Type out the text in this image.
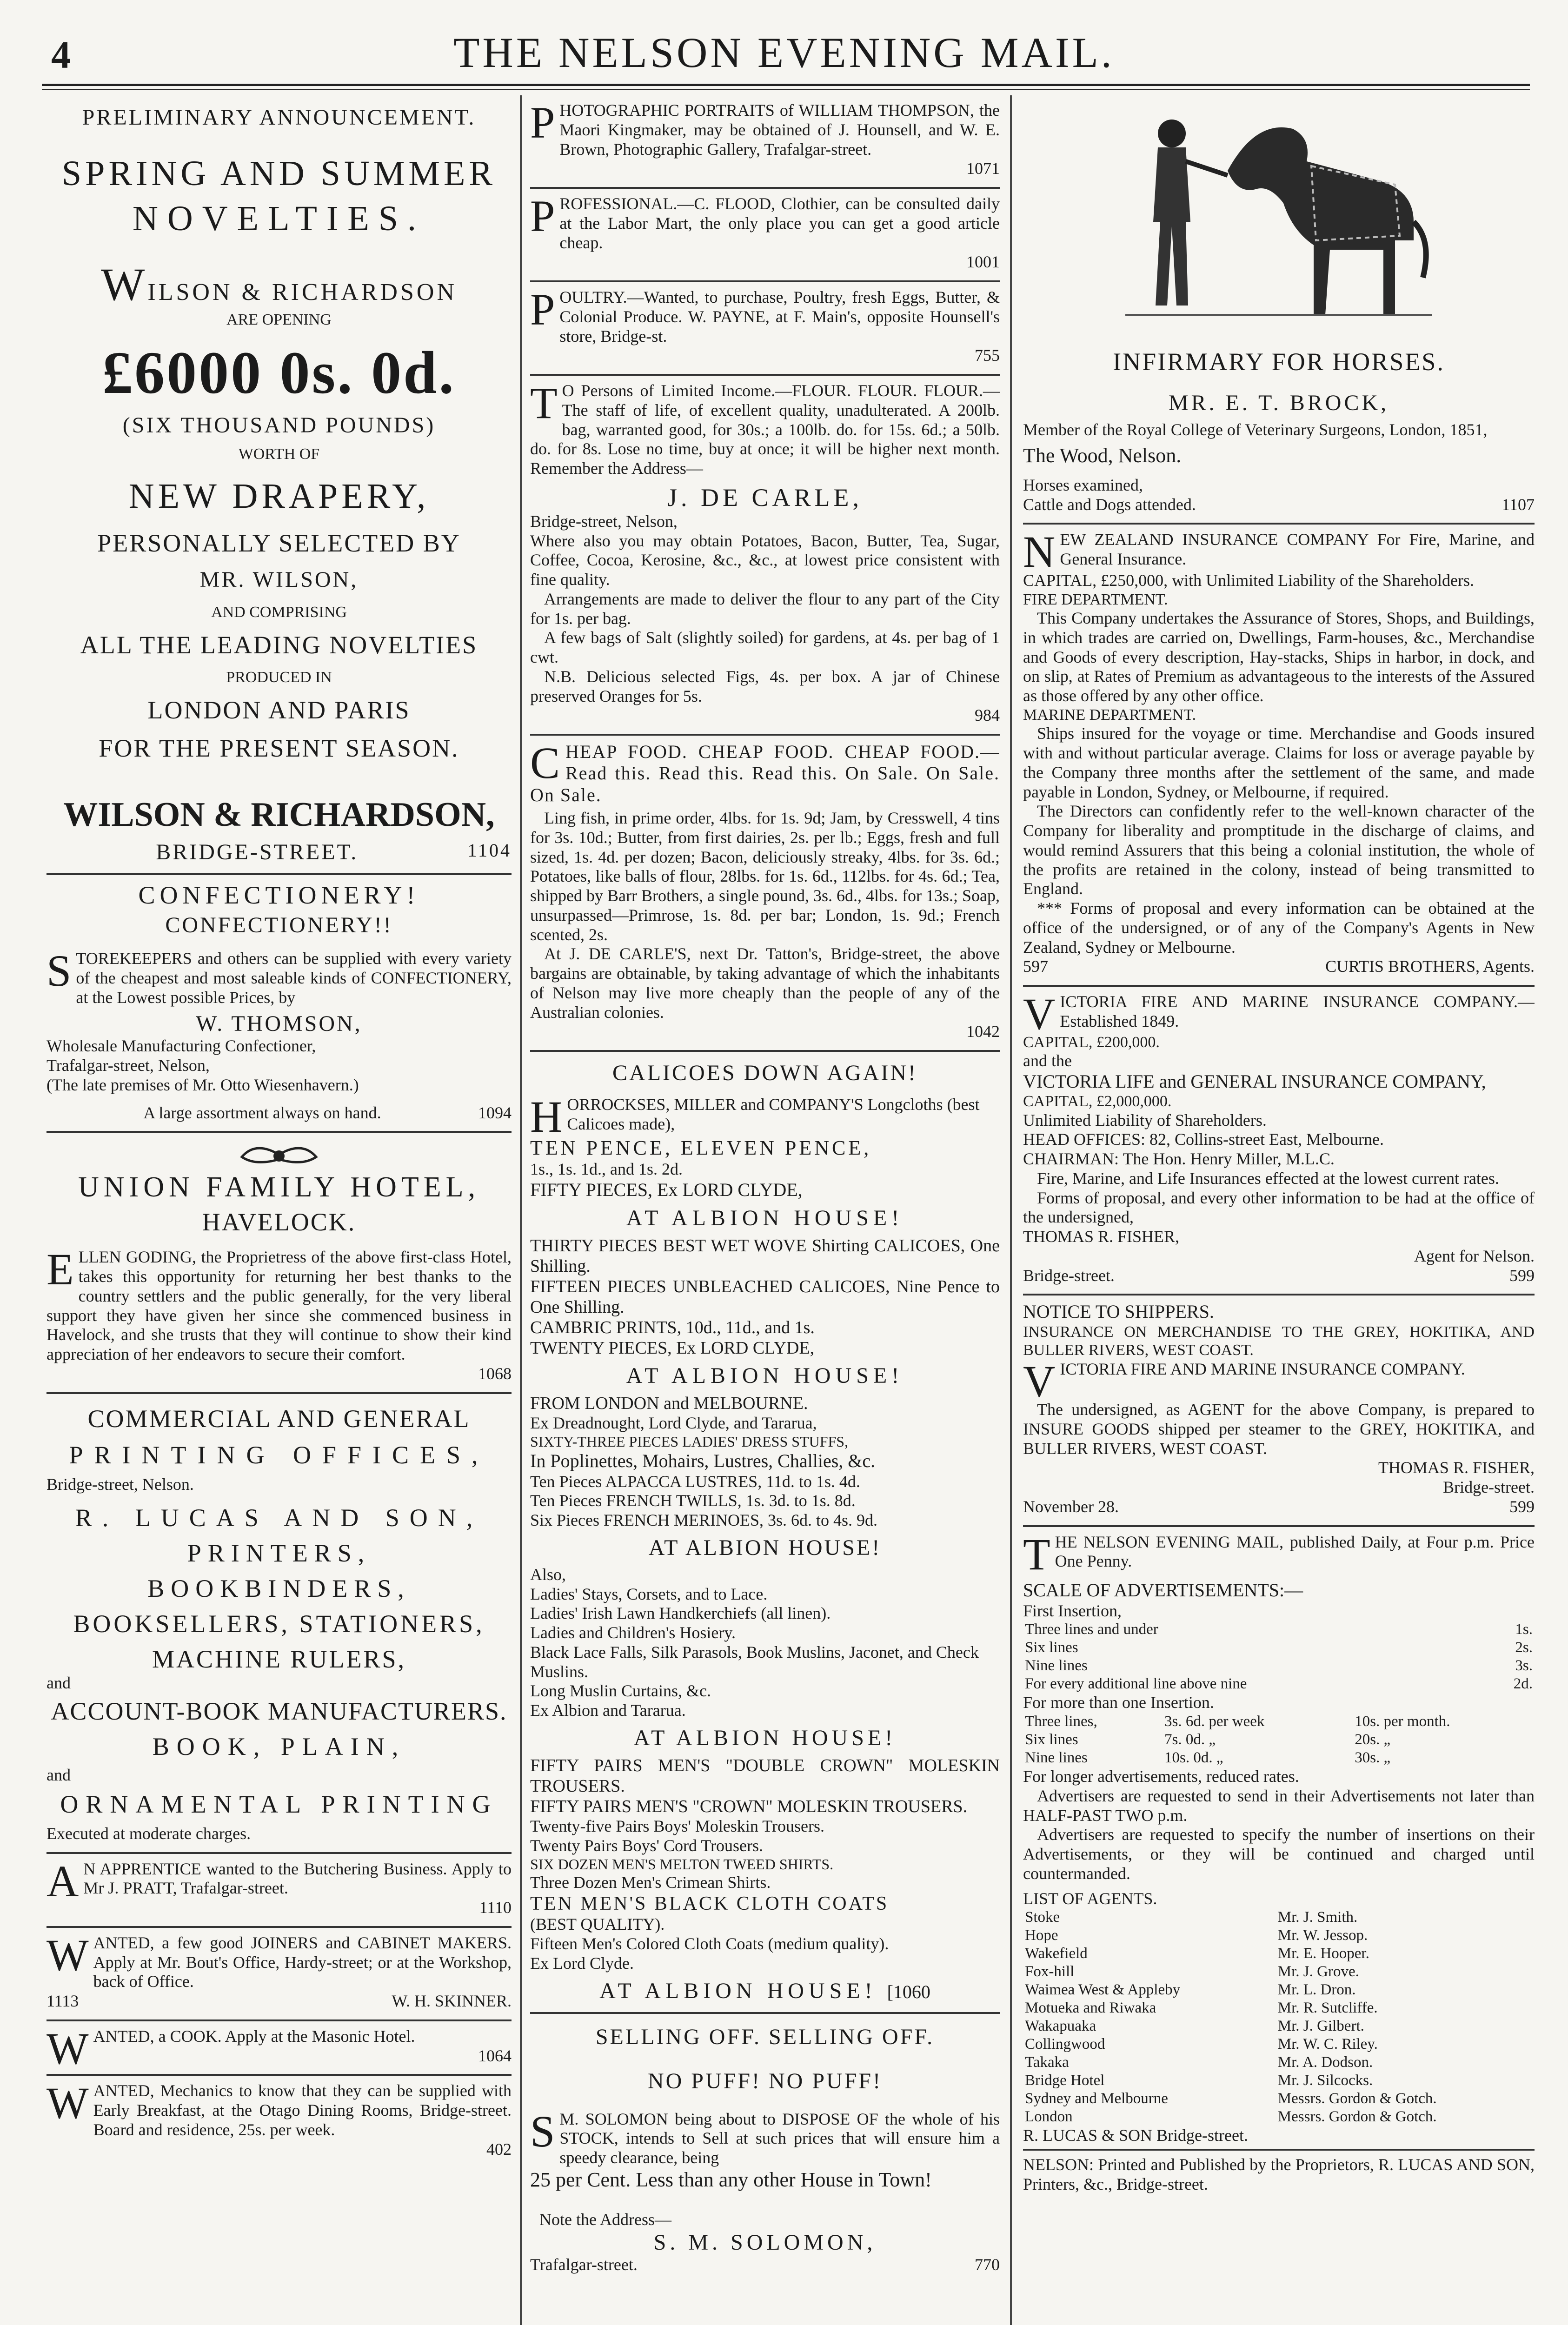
4	THE NELSON EVENING MAIL.
PRELIMINARY ANNOUNCEMENT.
SPRING AND SUMMER
NOVELTIES.
WILSON & RICHARDSON
ARE OPENING
£6000 0s. 0d.
(SIX THOUSAND POUNDS)
WORTH OF
NEW DRAPERY,
PERSONALLY SELECTED BY
MR. WILSON,
AND COMPRISING
ALL THE LEADING NOVELTIES
PRODUCED IN
LONDON AND PARIS
FOR THE PRESENT SEASON.
WILSON & RICHARDSON,
BRIDGE-STREET.	1104
CONFECTIONERY!
CONFECTIONERY!!

STOREKEEPERS and others can be supplied with every variety of the cheapest and most saleable kinds of CONFECTIONERY, at the Lowest possible Prices, by

W. THOMSON,
Wholesale Manufacturing Confectioner,
Trafalgar-street, Nelson,
(The late premises of Mr. Otto Wiesenhavern.)
A large assortment always on hand.	1094
UNION FAMILY HOTEL,
HAVELOCK.

ELLEN GODING, the Proprietress of the above first-class Hotel, takes this opportunity for returning her best thanks to the country settlers and the public generally, for the very liberal support they have given her since she commenced business in Havelock, and she trusts that they will continue to show their kind appreciation of her endeavors to secure their comfort.

1068
COMMERCIAL AND GENERAL
PRINTING OFFICES,
Bridge-street, Nelson.
R. LUCAS AND SON,
PRINTERS,
BOOKBINDERS,
BOOKSELLERS, STATIONERS,
MACHINE RULERS,
and
ACCOUNT-BOOK MANUFACTURERS.
BOOK, PLAIN,
and
ORNAMENTAL PRINTING
Executed at moderate charges.

A N APPRENTICE wanted to the Butchering Business. Apply to Mr J. PRATT, Trafalgar-street.

1110

WANTED, a few good JOINERS and CABINET MAKERS. Apply at Mr. Bout's Office, Hardy-street; or at the Workshop, back of Office.

1113	W. H. SKINNER.

WANTED, a COOK. Apply at the Masonic Hotel.

1064

WANTED, Mechanics to know that they can be supplied with Early Breakfast, at the Otago Dining Rooms, Bridge-street. Board and residence, 25s. per week.

402

PHOTOGRAPHIC PORTRAITS of WILLIAM THOMPSON, the Maori Kingmaker, may be obtained of J. Hounsell, and W. E. Brown, Photographic Gallery, Trafalgar-street.

1071

PROFESSIONAL.—C. FLOOD, Clothier, can be consulted daily at the Labor Mart, the only place you can get a good article cheap.

1001

POULTRY.—Wanted, to purchase, Poultry, fresh Eggs, Butter, & Colonial Produce. W. PAYNE, at F. Main's, opposite Hounsell's store, Bridge-st.

755

T O Persons of Limited Income.—FLOUR. FLOUR. FLOUR.—The staff of life, of excellent quality, unadulterated. A 200lb. bag, warranted good, for 30s.; a 100lb. do. for 15s. 6d.; a 50lb. do. for 8s. Lose no time, buy at once; it will be higher next month. Remember the Address—

J. DE CARLE,
Bridge-street, Nelson,

Where also you may obtain Potatoes, Bacon, Butter, Tea, Sugar, Coffee, Cocoa, Kerosine, &c., &c., at lowest price consistent with fine quality.

Arrangements are made to deliver the flour to any part of the City for 1s. per bag.

A few bags of Salt (slightly soiled) for gardens, at 4s. per bag of 1 cwt.

N.B. Delicious selected Figs, 4s. per box. A jar of Chinese preserved Oranges for 5s.

984

CHEAP FOOD. CHEAP FOOD. CHEAP FOOD.—Read this. Read this. Read this. On Sale. On Sale. On Sale.

Ling fish, in prime order, 4lbs. for 1s. 9d; Jam, by Cresswell, 4 tins for 3s. 10d.; Butter, from first dairies, 2s. per lb.; Eggs, fresh and full sized, 1s. 4d. per dozen; Bacon, deliciously streaky, 4lbs. for 3s. 6d.; Potatoes, like balls of flour, 28lbs. for 1s. 6d., 112lbs. for 4s. 6d.; Tea, shipped by Barr Brothers, a single pound, 3s. 6d., 4lbs. for 13s.; Soap, unsurpassed—Primrose, 1s. 8d. per bar; London, 1s. 9d.; French scented, 2s.

At J. DE CARLE'S, next Dr. Tatton's, Bridge-street, the above bargains are obtainable, by taking advantage of which the inhabitants of Nelson may live more cheaply than the people of any of the Australian colonies.

1042
CALICOES DOWN AGAIN!

HORROCKSES, MILLER and COMPANY'S Longcloths (best Calicoes made),

TEN PENCE, ELEVEN PENCE,
1s., 1s. 1d., and 1s. 2d.
FIFTY PIECES, Ex LORD CLYDE,
AT ALBION HOUSE!
THIRTY PIECES BEST WET WOVE Shirting CALICOES, One Shilling.
FIFTEEN PIECES UNBLEACHED CALICOES, Nine Pence to One Shilling.
CAMBRIC PRINTS, 10d., 11d., and 1s.
TWENTY PIECES, Ex LORD CLYDE,
AT ALBION HOUSE!
FROM LONDON and MELBOURNE.
Ex Dreadnought, Lord Clyde, and Tararua,
SIXTY-THREE PIECES LADIES' DRESS STUFFS,
In Poplinettes, Mohairs, Lustres, Challies, &c.
Ten Pieces ALPACCA LUSTRES, 11d. to 1s. 4d.
Ten Pieces FRENCH TWILLS, 1s. 3d. to 1s. 8d.
Six Pieces FRENCH MERINOES, 3s. 6d. to 4s. 9d.
AT ALBION HOUSE!
Also,
Ladies' Stays, Corsets, and to Lace.
Ladies' Irish Lawn Handkerchiefs (all linen).
Ladies and Children's Hosiery.
Black Lace Falls, Silk Parasols, Book Muslins, Jaconet, and Check Muslins.
Long Muslin Curtains, &c.
Ex Albion and Tararua.
AT ALBION HOUSE!
FIFTY PAIRS MEN'S "DOUBLE CROWN" MOLESKIN TROUSERS.
FIFTY PAIRS MEN'S "CROWN" MOLESKIN TROUSERS.
Twenty-five Pairs Boys' Moleskin Trousers.
Twenty Pairs Boys' Cord Trousers.
SIX DOZEN MEN'S MELTON TWEED SHIRTS.
Three Dozen Men's Crimean Shirts.
TEN MEN'S BLACK CLOTH COATS
(BEST QUALITY).
Fifteen Men's Colored Cloth Coats (medium quality).
Ex Lord Clyde.
AT ALBION HOUSE! [1060
SELLING OFF. SELLING OFF.
NO PUFF! NO PUFF!

S M. SOLOMON being about to DISPOSE OF the whole of his STOCK, intends to Sell at such prices that will ensure him a speedy clearance, being

25 per Cent. Less than any other House in Town!
Note the Address—
S. M. SOLOMON,
Trafalgar-street.	770
INFIRMARY FOR HORSES.
MR. E. T. BROCK,
Member of the Royal College of Veterinary Surgeons, London, 1851,
The Wood, Nelson.
Horses examined,
Cattle and Dogs attended.	1107

NEW ZEALAND INSURANCE COMPANY For Fire, Marine, and General Insurance.

CAPITAL, £250,000, with Unlimited Liability of the Shareholders.
FIRE DEPARTMENT.

This Company undertakes the Assurance of Stores, Shops, and Buildings, in which trades are carried on, Dwellings, Farm-houses, &c., Merchandise and Goods of every description, Hay-stacks, Ships in harbor, in dock, and on slip, at Rates of Premium as advantageous to the interests of the Assured as those offered by any other office.

MARINE DEPARTMENT.

Ships insured for the voyage or time. Merchandise and Goods insured with and without particular average. Claims for loss or average payable by the Company three months after the settlement of the same, and made payable in London, Sydney, or Melbourne, if required.

The Directors can confidently refer to the well-known character of the Company for liberality and promptitude in the discharge of claims, and would remind Assurers that this being a colonial institution, the whole of the profits are retained in the colony, instead of being transmitted to England.

*** Forms of proposal and every information can be obtained at the office of the undersigned, or of any of the Company's Agents in New Zealand, Sydney or Melbourne.

597	CURTIS BROTHERS, Agents.

VICTORIA FIRE AND MARINE INSURANCE COMPANY.—Established 1849.

CAPITAL, £200,000.
and the
VICTORIA LIFE and GENERAL INSURANCE COMPANY,
CAPITAL, £2,000,000.
Unlimited Liability of Shareholders.
HEAD OFFICES: 82, Collins-street East, Melbourne.
CHAIRMAN: The Hon. Henry Miller, M.L.C.

Fire, Marine, and Life Insurances effected at the lowest current rates.

Forms of proposal, and every other information to be had at the office of the undersigned,

THOMAS R. FISHER,
Agent for Nelson.
Bridge-street.	599
NOTICE TO SHIPPERS.
INSURANCE ON MERCHANDISE TO THE GREY, HOKITIKA, AND BULLER RIVERS, WEST COAST.

VICTORIA FIRE AND MARINE INSURANCE COMPANY.

The undersigned, as AGENT for the above Company, is prepared to INSURE GOODS shipped per steamer to the GREY, HOKITIKA, and BULLER RIVERS, WEST COAST.

THOMAS R. FISHER,
Bridge-street.
November 28.	599

THE NELSON EVENING MAIL, published Daily, at Four p.m. Price One Penny.

SCALE OF ADVERTISEMENTS:—
First Insertion,
Three lines and under	1s.
Six lines	2s.
Nine lines	3s.
For every additional line above nine	2d.
For more than one Insertion.
Three lines,	3s. 6d. per week	10s. per month.
Six lines	7s. 0d. „	20s. „
Nine lines	10s. 0d. „	30s. „
For longer advertisements, reduced rates.

Advertisers are requested to send in their Advertisements not later than HALF-PAST TWO p.m.

Advertisers are requested to specify the number of insertions on their Advertisements, or they will be continued and charged until countermanded.

LIST OF AGENTS.
Stoke	Mr. J. Smith.
Hope	Mr. W. Jessop.
Wakefield	Mr. E. Hooper.
Fox-hill	Mr. J. Grove.
Waimea West & Appleby	Mr. L. Dron.
Motueka and Riwaka	Mr. R. Sutcliffe.
Wakapuaka	Mr. J. Gilbert.
Collingwood	Mr. W. C. Riley.
Takaka	Mr. A. Dodson.
Bridge Hotel	Mr. J. Silcocks.
Sydney and Melbourne	Messrs. Gordon & Gotch.
London	Messrs. Gordon & Gotch.
R. LUCAS & SON Bridge-street.

NELSON: Printed and Published by the Proprietors, R. LUCAS AND SON, Printers, &c., Bridge-street.
